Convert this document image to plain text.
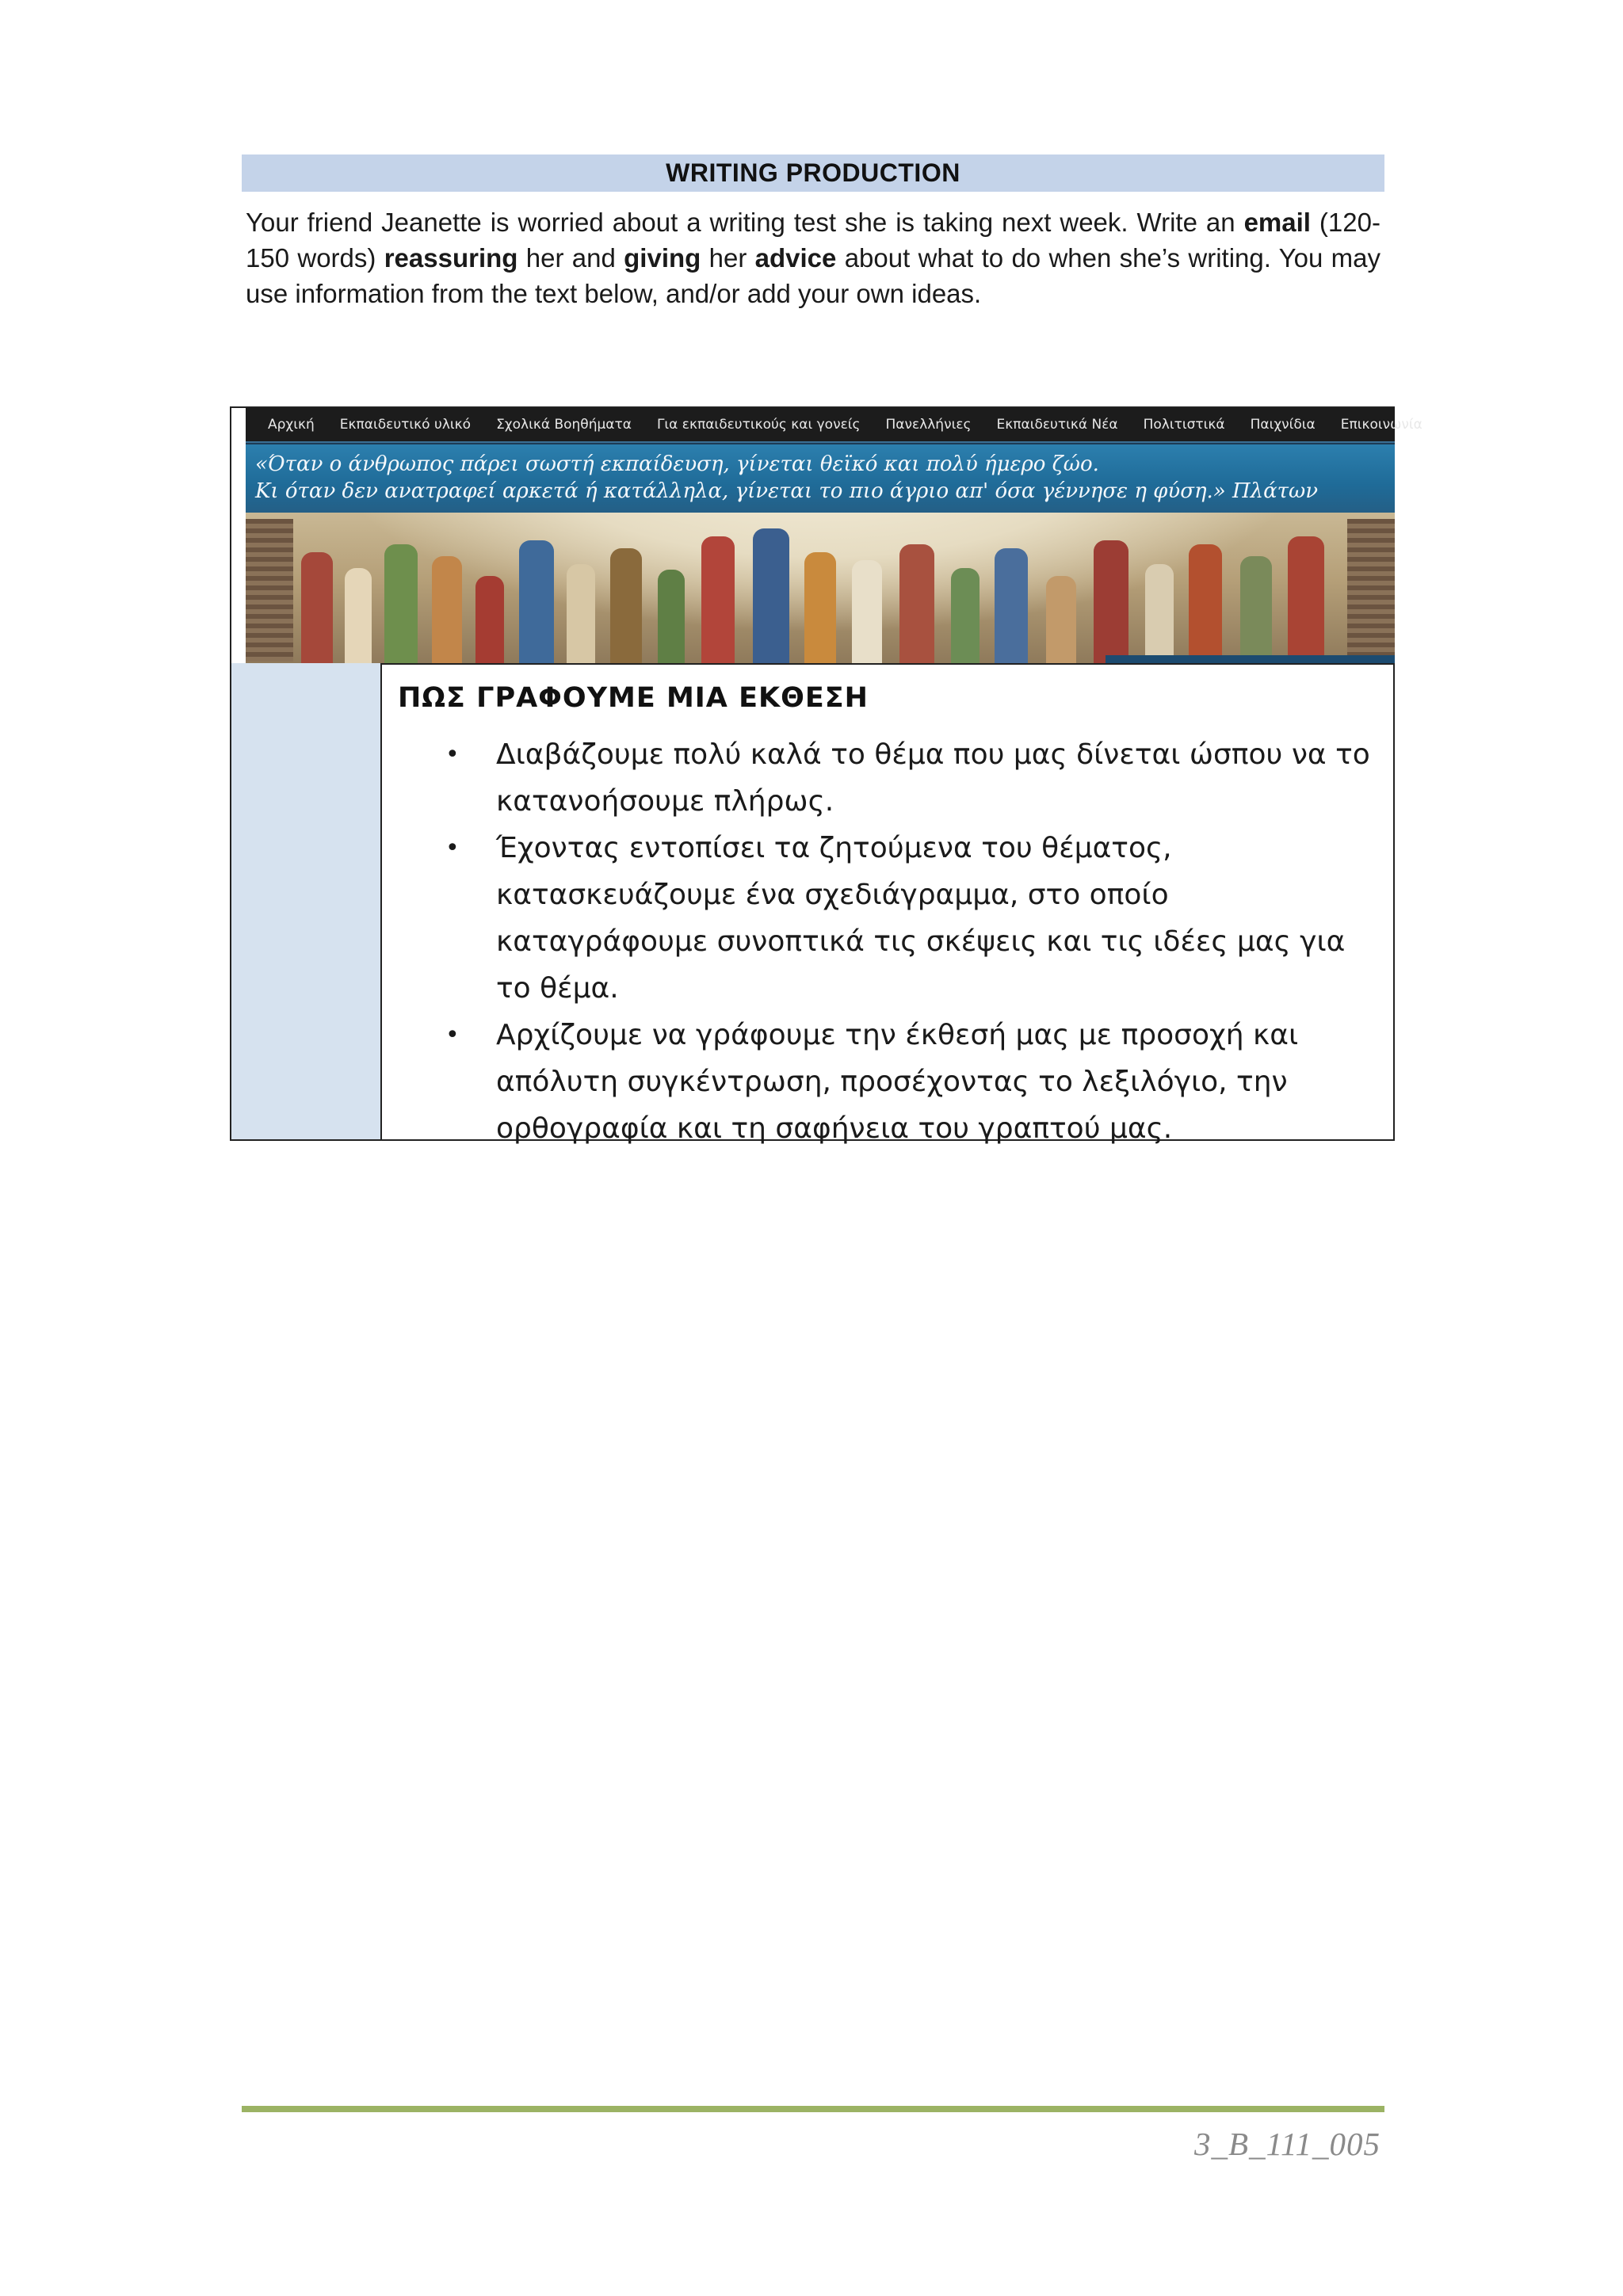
WRITING PRODUCTION

Your friend Jeanette is worried about a writing test she is taking next week. Write an email (120-150 words) reassuring her and giving her advice about what to do when she’s writing. You may use information from the text below, and/or add your own ideas.

Αρχική	Εκπαιδευτικό υλικό	Σχολικά Βοηθήματα	Για εκπαιδευτικούς και γονείς	Πανελλήνιες	Εκπαιδευτικά Νέα	Πολιτιστικά	Παιχνίδια	Επικοινωνία
«Όταν ο άνθρωπος πάρει σωστή εκπαίδευση, γίνεται θεϊκό και πολύ ήμερο ζώο.
Κι όταν δεν ανατραφεί αρκετά ή κατάλληλα, γίνεται το πιο άγριο απ' όσα γέννησε η φύση.» Πλάτων
ΠΩΣ ΓΡΑΦΟΥΜΕ ΜΙΑ ΕΚΘΕΣΗ
• Διαβάζουμε πολύ καλά το θέμα που μας δίνεται ώσπου να το κατανοήσουμε πλήρως.
• Έχοντας εντοπίσει τα ζητούμενα του θέματος, κατασκευάζουμε ένα σχεδιάγραμμα, στο οποίο καταγράφουμε συνοπτικά τις σκέψεις και τις ιδέες μας για το θέμα.
• Αρχίζουμε να γράφουμε την έκθεσή μας με προσοχή και απόλυτη συγκέντρωση, προσέχοντας το λεξιλόγιο, την ορθογραφία και τη σαφήνεια του γραπτού μας.
3_B_111_005
